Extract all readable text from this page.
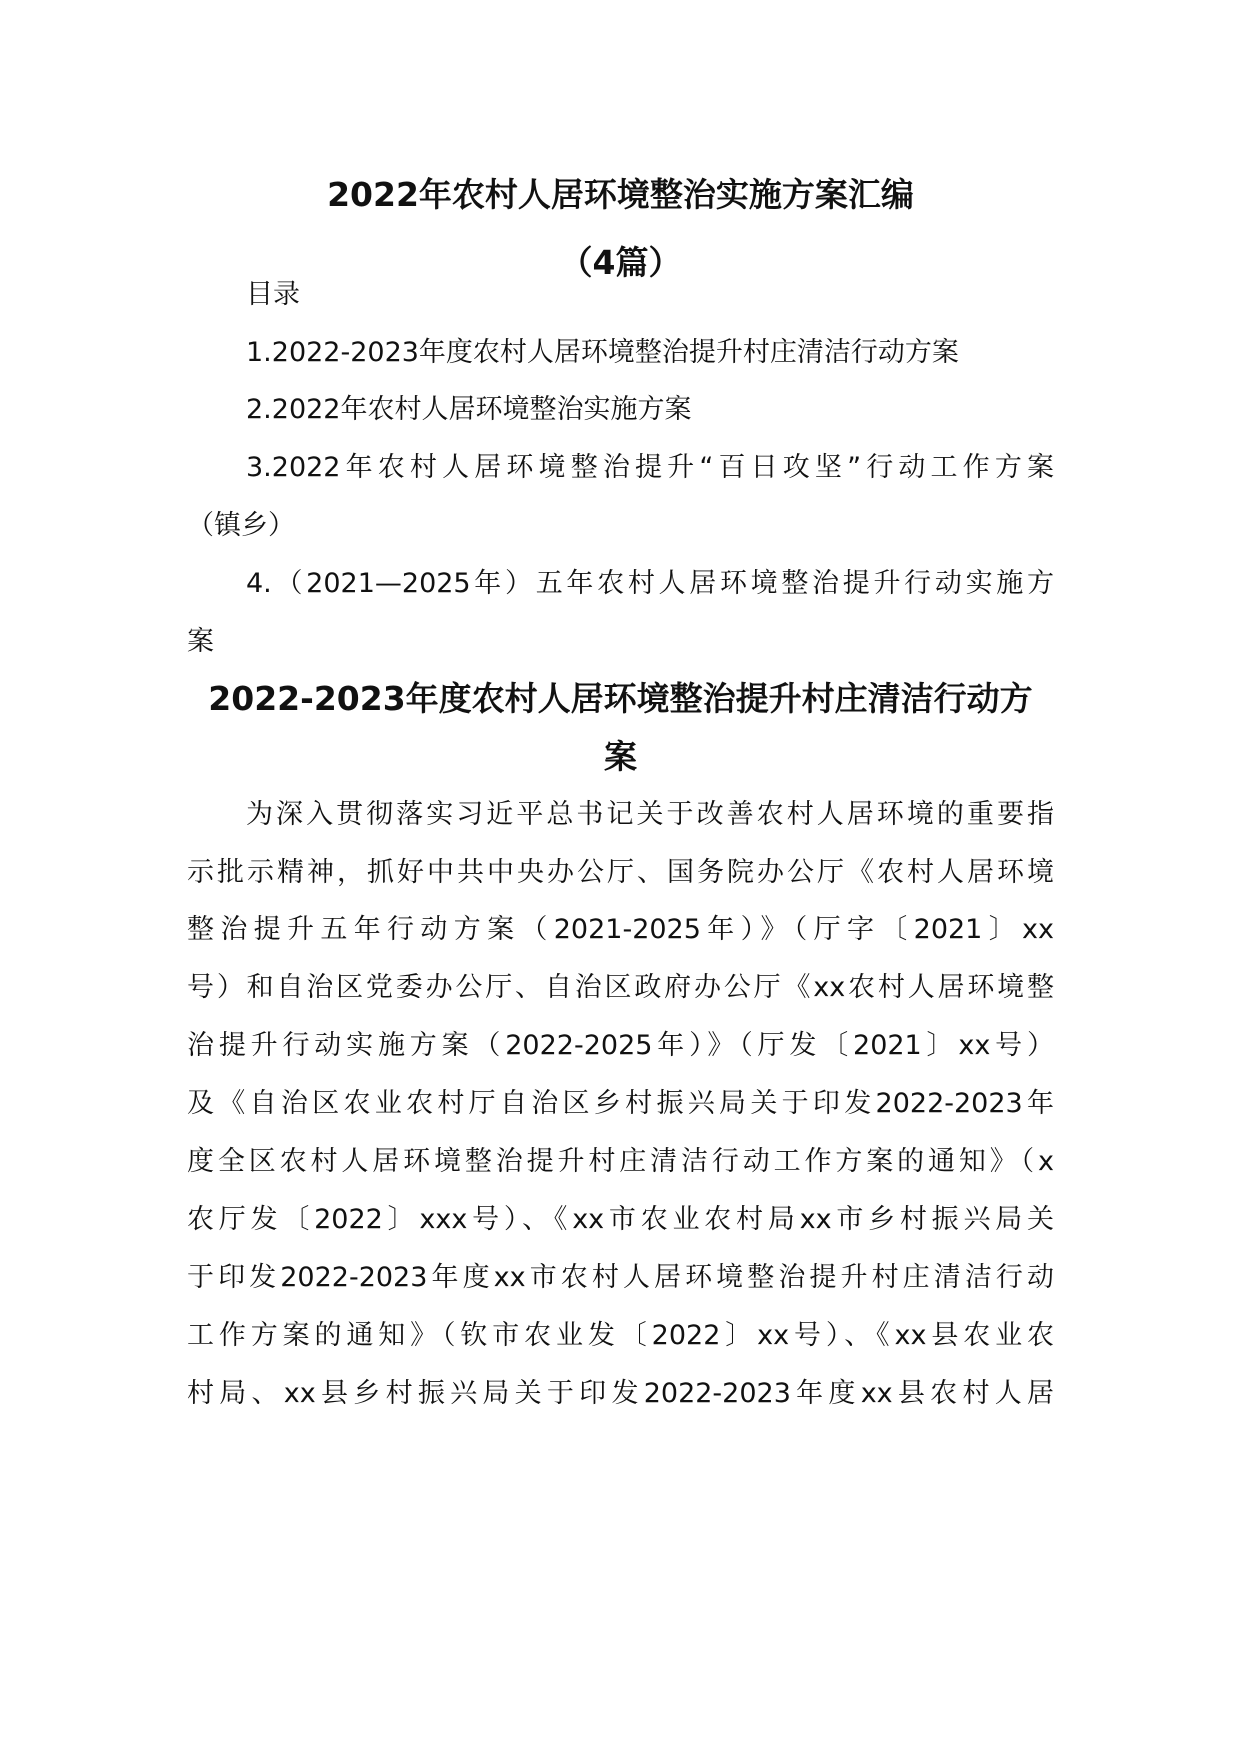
2022年农村人居环境整治实施方案汇编
（4篇）
目录
1.2022-2023年度农村人居环境整治提升村庄清洁行动方案
2.2022年农村人居环境整治实施方案
3.2022年农村人居环境整治提升“百日攻坚”行动工作方案
（镇乡）
4.（2021—2025年）五年农村人居环境整治提升行动实施方
案
2022-2023年度农村人居环境整治提升村庄清洁行动方
案
为深入贯彻落实习近平总书记关于改善农村人居环境的重要指
示批示精神，抓好中共中央办公厅、国务院办公厅《农村人居环境
整治提升五年行动方案（2021-2025年）》（厅字〔2021〕xx
号）和自治区党委办公厅、自治区政府办公厅《xx农村人居环境整
治提升行动实施方案（2022-2025年）》（厅发〔2021〕xx号）
及《自治区农业农村厅自治区乡村振兴局关于印发2022-2023年
度全区农村人居环境整治提升村庄清洁行动工作方案的通知》（x
农厅发〔2022〕xxx号）、《xx市农业农村局xx市乡村振兴局关
于印发2022-2023年度xx市农村人居环境整治提升村庄清洁行动
工作方案的通知》（钦市农业发〔2022〕xx号）、《xx县农业农
村局、xx县乡村振兴局关于印发2022-2023年度xx县农村人居
